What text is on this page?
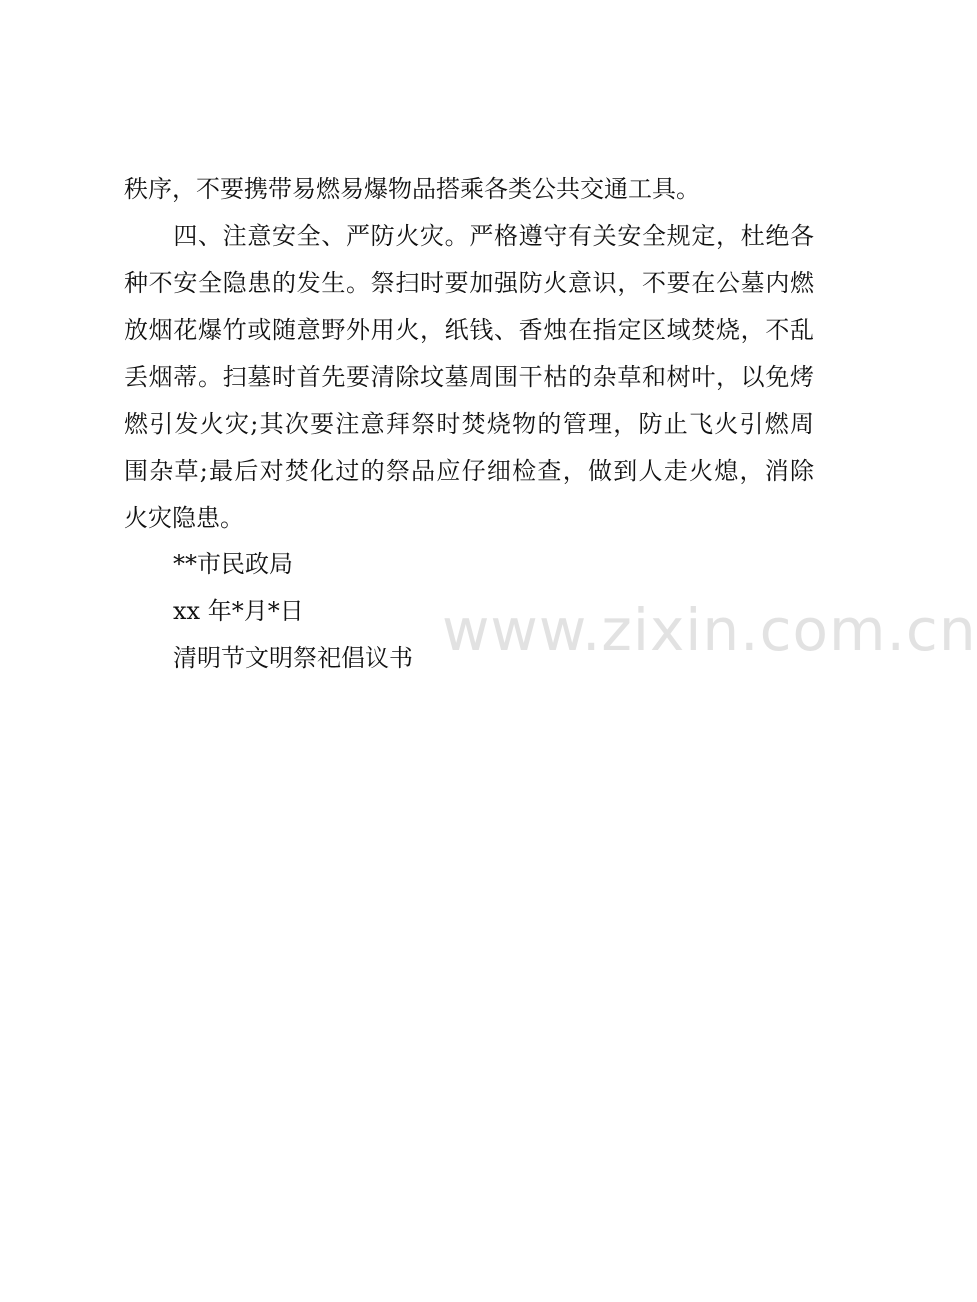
秩序，不要携带易燃易爆物品搭乘各类公共交通工具。
　　四、注意安全、严防火灾。严格遵守有关安全规定，杜绝各
种不安全隐患的发生。祭扫时要加强防火意识，不要在公墓内燃
放烟花爆竹或随意野外用火，纸钱、香烛在指定区域焚烧，不乱
丢烟蒂。扫墓时首先要清除坟墓周围干枯的杂草和树叶，以免烤
燃引发火灾;其次要注意拜祭时焚烧物的管理，防止飞火引燃周
围杂草;最后对焚化过的祭品应仔细检查，做到人走火熄，消除
火灾隐患。
**市民政局
xx 年*月*日
清明节文明祭祀倡议书 www.zixin.com.cn
